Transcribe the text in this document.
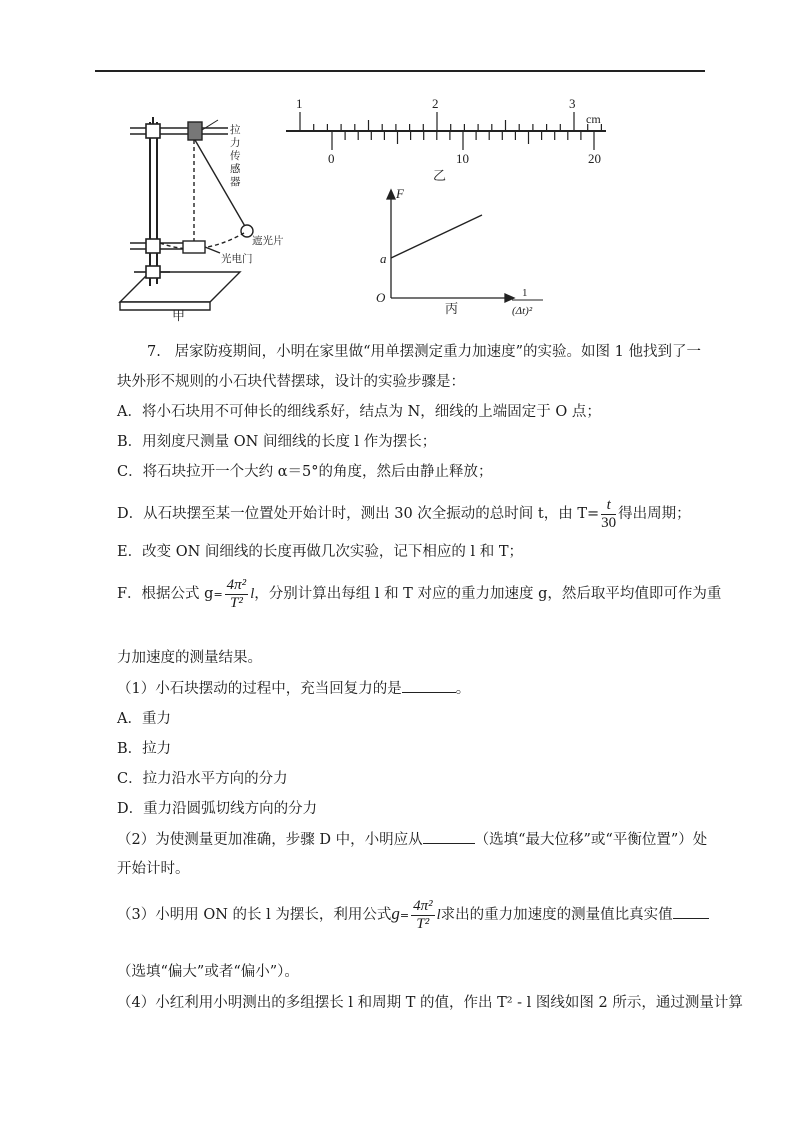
拉
力
传
感
器
遮光片
光电门
甲
1	2	3
cm
0	10	20
乙
F
a
O	1
(Δt)²
丙
7. 居家防疫期间，小明在家里做“用单摆测定重力加速度”的实验。如图 1 他找到了一
块外形不规则的小石块代替摆球，设计的实验步骤是：
A．将小石块用不可伸长的细线系好，结点为 N，细线的上端固定于 O 点；
B．用刻度尺测量 ON 间细线的长度 l 作为摆长；
C．将石块拉开一个大约 α＝5°的角度，然后由静止释放；
D．从石块摆至某一位置处开始计时，测出 30 次全振动的总时间 t，由 $T= \frac{t}{30}$ 得出周期；
E．改变 ON 间细线的长度再做几次实验，记下相应的 l 和 T；
F．根据公式 $g= \frac{\text{4π²}}{\text{T²}}$ l，分别计算出每组 l 和 T 对应的重力加速度 g，然后取平均值即可作为重
力加速度的测量结果。
（1）小石块摆动的过程中，充当回复力的是	。
A．重力
B．拉力
C．拉力沿水平方向的分力
D．重力沿圆弧切线方向的分力
（2）为使测量更加准确，步骤 D 中，小明应从	（选填“最大位移”或“平衡位置”）处
开始计时。
（3）小明用 ON 的长 l 为摆长，利用公式$g= \frac{\text{4π²}}{\text{T²}}$ l求出的重力加速度的测量值比真实值
（选填“偏大”或者“偏小”）。
（4）小红利用小明测出的多组摆长 l 和周期 T 的值，作出 T² - l 图线如图 2 所示，通过测量计算
